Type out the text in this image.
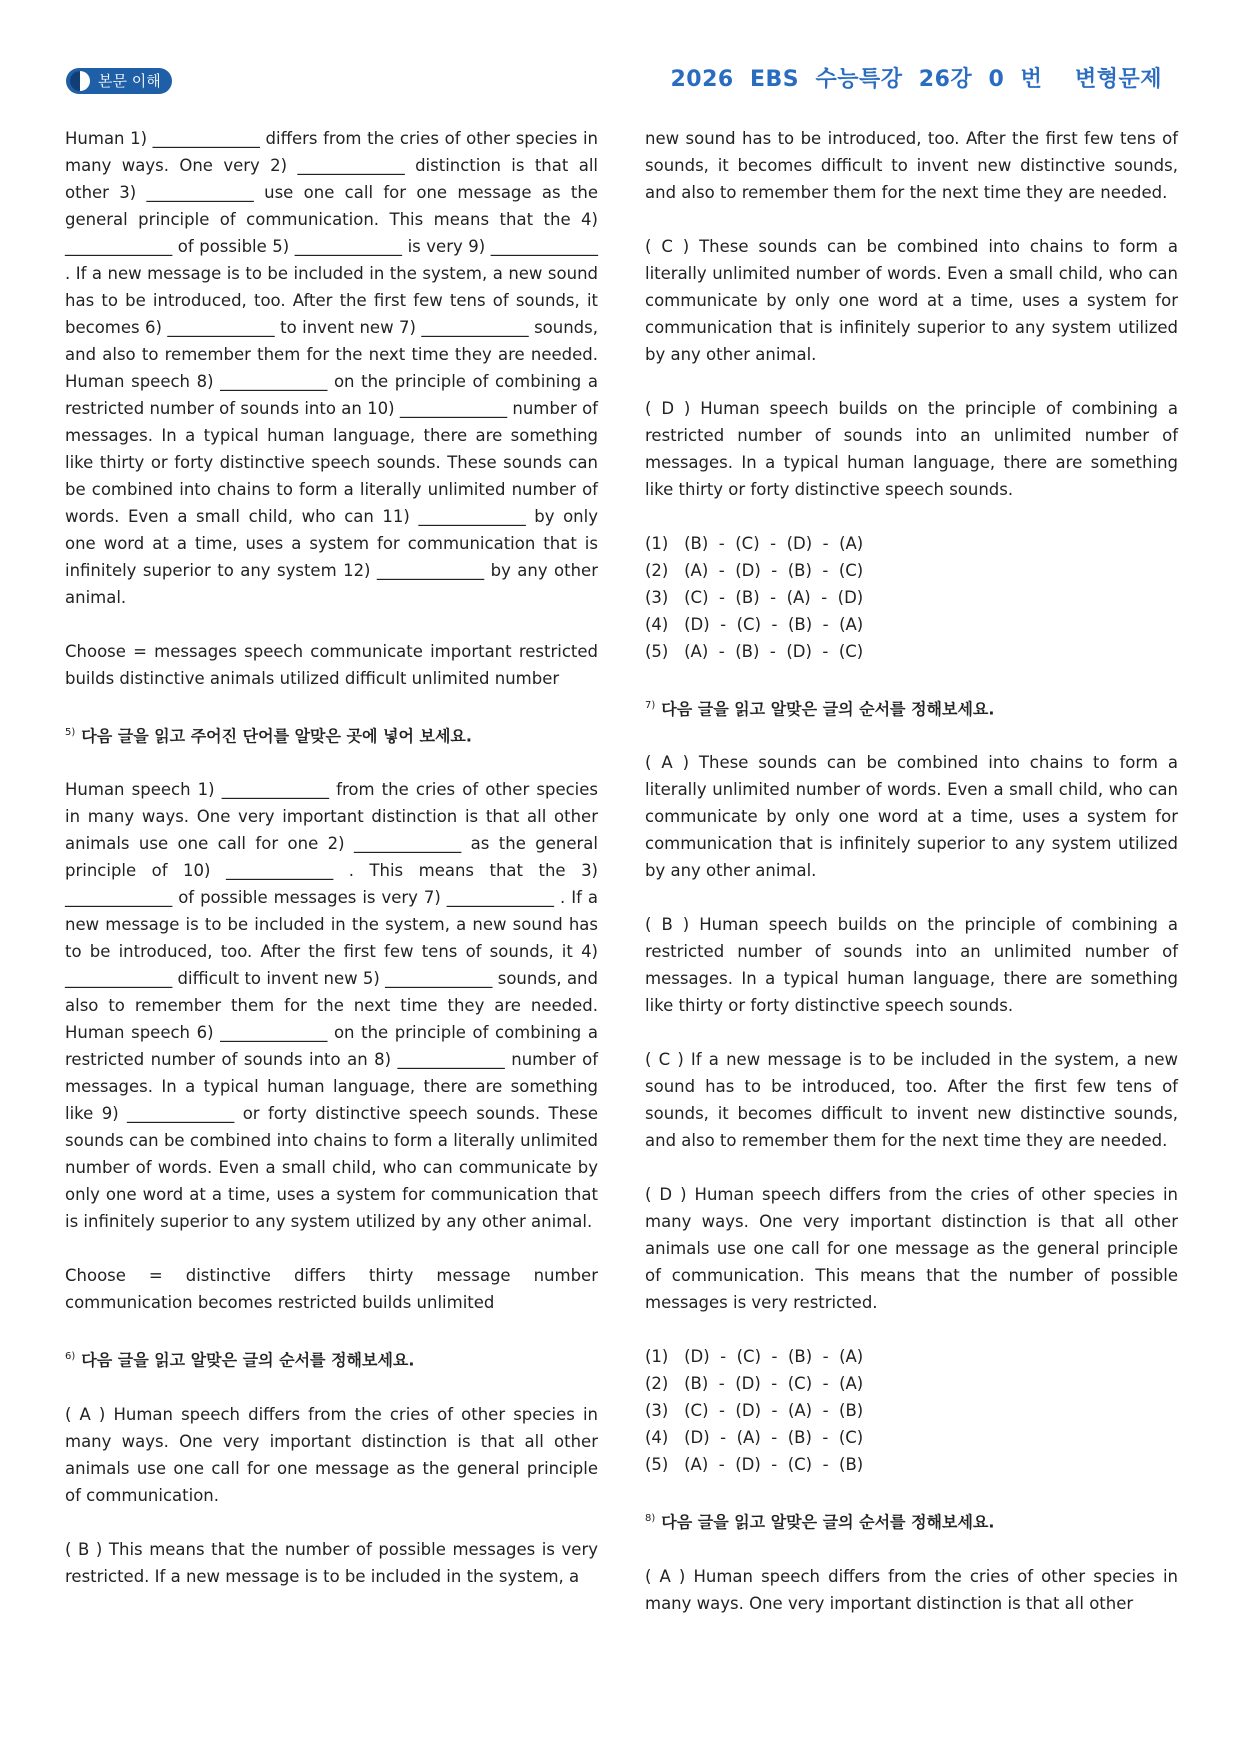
본문 이해	2026  EBS  수능특강  26강  0  번    변형문제

Human 1) _____________ differs from the cries of other species in many ways. One very 2) _____________ distinction is that all other 3) _____________ use one call for one message as the general principle of communication. This means that the 4) _____________ of possible 5) _____________ is very 9) _____________ . If a new message is to be included in the system, a new sound has to be introduced, too. After the first few tens of sounds, it becomes 6) _____________ to invent new 7) _____________ sounds, and also to remember them for the next time they are needed. Human speech 8) _____________ on the principle of combining a restricted number of sounds into an 10) _____________ number of messages. In a typical human language, there are something like thirty or forty distinctive speech sounds. These sounds can be combined into chains to form a literally unlimited number of words. Even a small child, who can 11) _____________ by only one word at a time, uses a system for communication that is infinitely superior to any system 12) _____________ by any other animal.

Choose = messages speech communicate important restricted builds distinctive animals utilized difficult unlimited number

$^{5)}$ 다음 글을 읽고 주어진 단어를 알맞은 곳에 넣어 보세요.

Human speech 1) _____________ from the cries of other species in many ways. One very important distinction is that all other animals use one call for one 2) _____________ as the general principle of 10) _____________ . This means that the 3) _____________ of possible messages is very 7) _____________ . If a new message is to be included in the system, a new sound has to be introduced, too. After the first few tens of sounds, it 4) _____________ difficult to invent new 5) _____________ sounds, and also to remember them for the next time they are needed. Human speech 6) _____________ on the principle of combining a restricted number of sounds into an 8) _____________ number of messages. In a typical human language, there are something like 9) _____________ or forty distinctive speech sounds. These sounds can be combined into chains to form a literally unlimited number of words. Even a small child, who can communicate by only one word at a time, uses a system for communication that is infinitely superior to any system utilized by any other animal.

Choose = distinctive differs thirty message number communication becomes restricted builds unlimited

$^{6)}$ 다음 글을 읽고 알맞은 글의 순서를 정해보세요.

( A ) Human speech differs from the cries of other species in many ways. One very important distinction is that all other animals use one call for one message as the general principle of communication.

( B ) This means that the number of possible messages is very restricted. If a new message is to be included in the system, a

new sound has to be introduced, too. After the first few tens of sounds, it becomes difficult to invent new distinctive sounds, and also to remember them for the next time they are needed.

( C ) These sounds can be combined into chains to form a literally unlimited number of words. Even a small child, who can communicate by only one word at a time, uses a system for communication that is infinitely superior to any system utilized by any other animal.

( D ) Human speech builds on the principle of combining a restricted number of sounds into an unlimited number of messages. In a typical human language, there are something like thirty or forty distinctive speech sounds.

(1)   (B)  -  (C)  -  (D)  -  (A)
(2)   (A)  -  (D)  -  (B)  -  (C)
(3)   (C)  -  (B)  -  (A)  -  (D)
(4)   (D)  -  (C)  -  (B)  -  (A)
(5)   (A)  -  (B)  -  (D)  -  (C)
$^{7)}$ 다음 글을 읽고 알맞은 글의 순서를 정해보세요.

( A ) These sounds can be combined into chains to form a literally unlimited number of words. Even a small child, who can communicate by only one word at a time, uses a system for communication that is infinitely superior to any system utilized by any other animal.

( B ) Human speech builds on the principle of combining a restricted number of sounds into an unlimited number of messages. In a typical human language, there are something like thirty or forty distinctive speech sounds.

( C ) If a new message is to be included in the system, a new sound has to be introduced, too. After the first few tens of sounds, it becomes difficult to invent new distinctive sounds, and also to remember them for the next time they are needed.

( D ) Human speech differs from the cries of other species in many ways. One very important distinction is that all other animals use one call for one message as the general principle of communication. This means that the number of possible messages is very restricted.

(1)   (D)  -  (C)  -  (B)  -  (A)
(2)   (B)  -  (D)  -  (C)  -  (A)
(3)   (C)  -  (D)  -  (A)  -  (B)
(4)   (D)  -  (A)  -  (B)  -  (C)
(5)   (A)  -  (D)  -  (C)  -  (B)
$^{8)}$ 다음 글을 읽고 알맞은 글의 순서를 정해보세요.

( A ) Human speech differs from the cries of other species in many ways. One very important distinction is that all other
